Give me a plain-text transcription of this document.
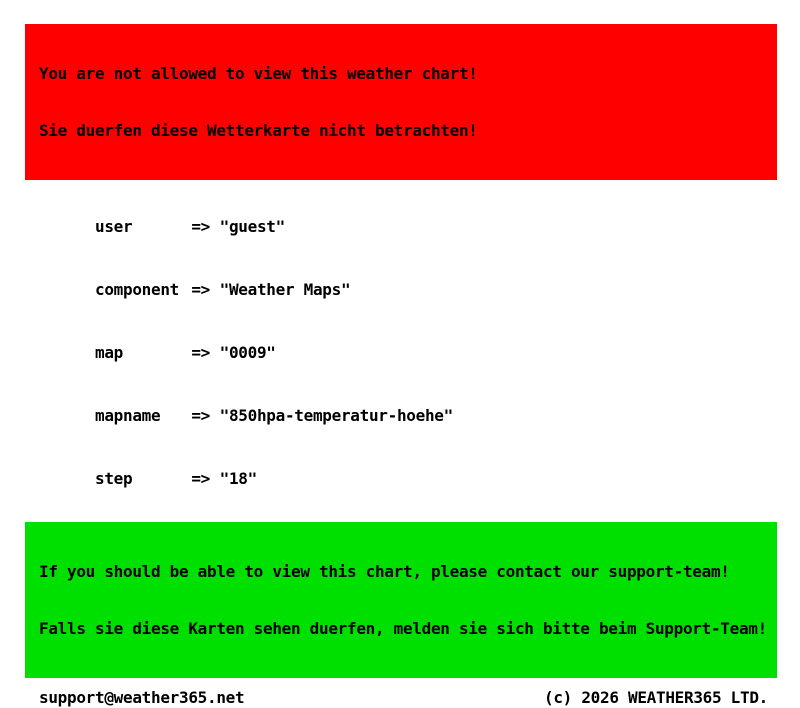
You are not allowed to view this weather chart!

Sie duerfen diese Wetterkarte nicht betrachten!

user	=> "guest"

component => "Weather Maps"

map	=> "0009"

mapname => "850hpa-temperatur-hoehe"

step	=> "18"

If you should be able to view this chart, please contact our support-team!

Falls sie diese Karten sehen duerfen, melden sie sich bitte beim Support-Team!

support@weather365.net	(c) 2026 WEATHER365 LTD.
